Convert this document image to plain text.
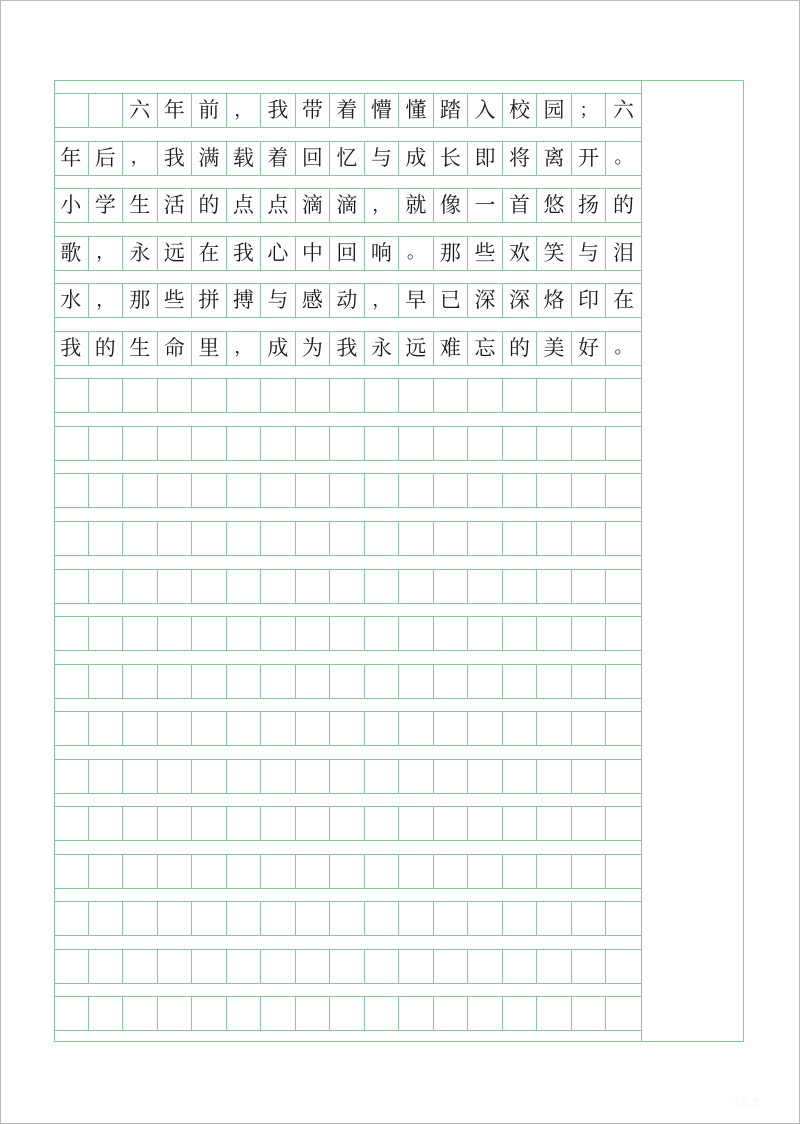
六 年 前 ， 我 带 着 懵 懂 踏 入 校 园 ； 六
年 后 ， 我 满 载 着 回 忆 与 成 长 即 将 离 开 。
小 学 生 活 的 点 点 滴 滴 ， 就 像 一 首 悠 扬 的
歌 ， 永 远 在 我 心 中 回 响 。 那 些 欢 笑 与 泪
水 ， 那 些 拼 搏 与 感 动 ， 早 已 深 深 烙 印 在
我 的 生 命 里 ， 成 为 我 永 远 难 忘 的 美 好 。
小红书
